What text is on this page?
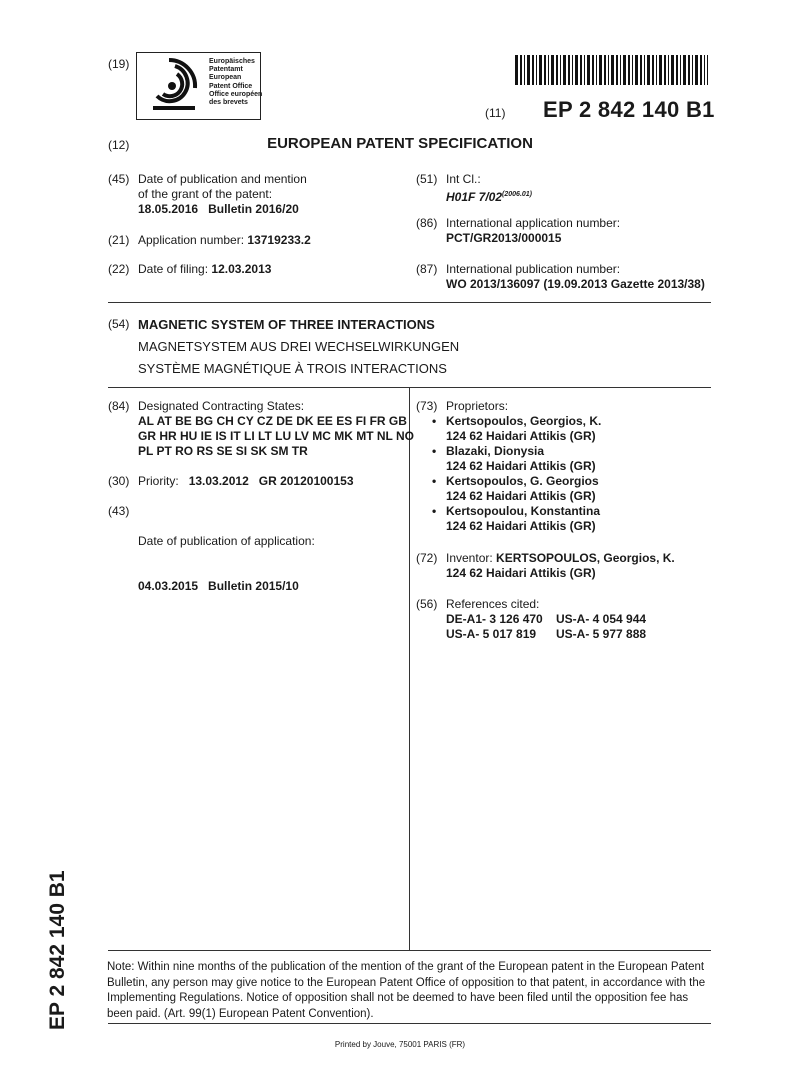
(19)	Europäisches
Patentamt
European
Patent Office
Office européen
des brevets
(11) EP 2 842 140 B1
(12)	EUROPEAN PATENT SPECIFICATION
(45) Date of publication and mention
of the grant of the patent:
18.05.2016 Bulletin 2016/20
(21) Application number: 13719233.2
(22) Date of filing: 12.03.2013
(51) Int Cl.:
H01F $7/02^{(2006.01)}$
(86) International application number:
PCT/GR2013/000015
(87) International publication number:
WO 2013/136097 (19.09.2013 Gazette 2013/38)
(54) MAGNETIC SYSTEM OF THREE INTERACTIONS
MAGNETSYSTEM AUS DREI WECHSELWIRKUNGEN
SYSTÈME MAGNÉTIQUE À TROIS INTERACTIONS
(84) Designated Contracting States:
AL AT BE BG CH CY CZ DE DK EE ES FI FR GB
GR HR HU IE IS IT LI LT LU LV MC MK MT NL NO
PL PT RO RS SE SI SK SM TR
(30) Priority: 13.03.2012   GR 20120100153
(43)

Date of publication of application:

04.03.2015   Bulletin 2015/10

(73) Proprietors:
• Kertsopoulos, Georgios, K.
124 62 Haidari Attikis (GR)
• Blazaki, Dionysia
124 62 Haidari Attikis (GR)
• Kertsopoulos, G. Georgios
124 62 Haidari Attikis (GR)
• Kertsopoulou, Konstantina
124 62 Haidari Attikis (GR)
(72) Inventor: KERTSOPOULOS, Georgios, K.
124 62 Haidari Attikis (GR)
(56) References cited:
DE-A1- 3 126 470	US-A- 4 054 944
US-A- 5 017 819	US-A- 5 977 888
Note: Within nine months of the publication of the mention of the grant of the European patent in the European Patent Bulletin, any person may give notice to the European Patent Office of opposition to that patent, in accordance with the Implementing Regulations. Notice of opposition shall not be deemed to have been filed until the opposition fee has been paid. (Art. 99(1) European Patent Convention).
Printed by Jouve, 75001 PARIS (FR)
EP 2 842 140 B1
